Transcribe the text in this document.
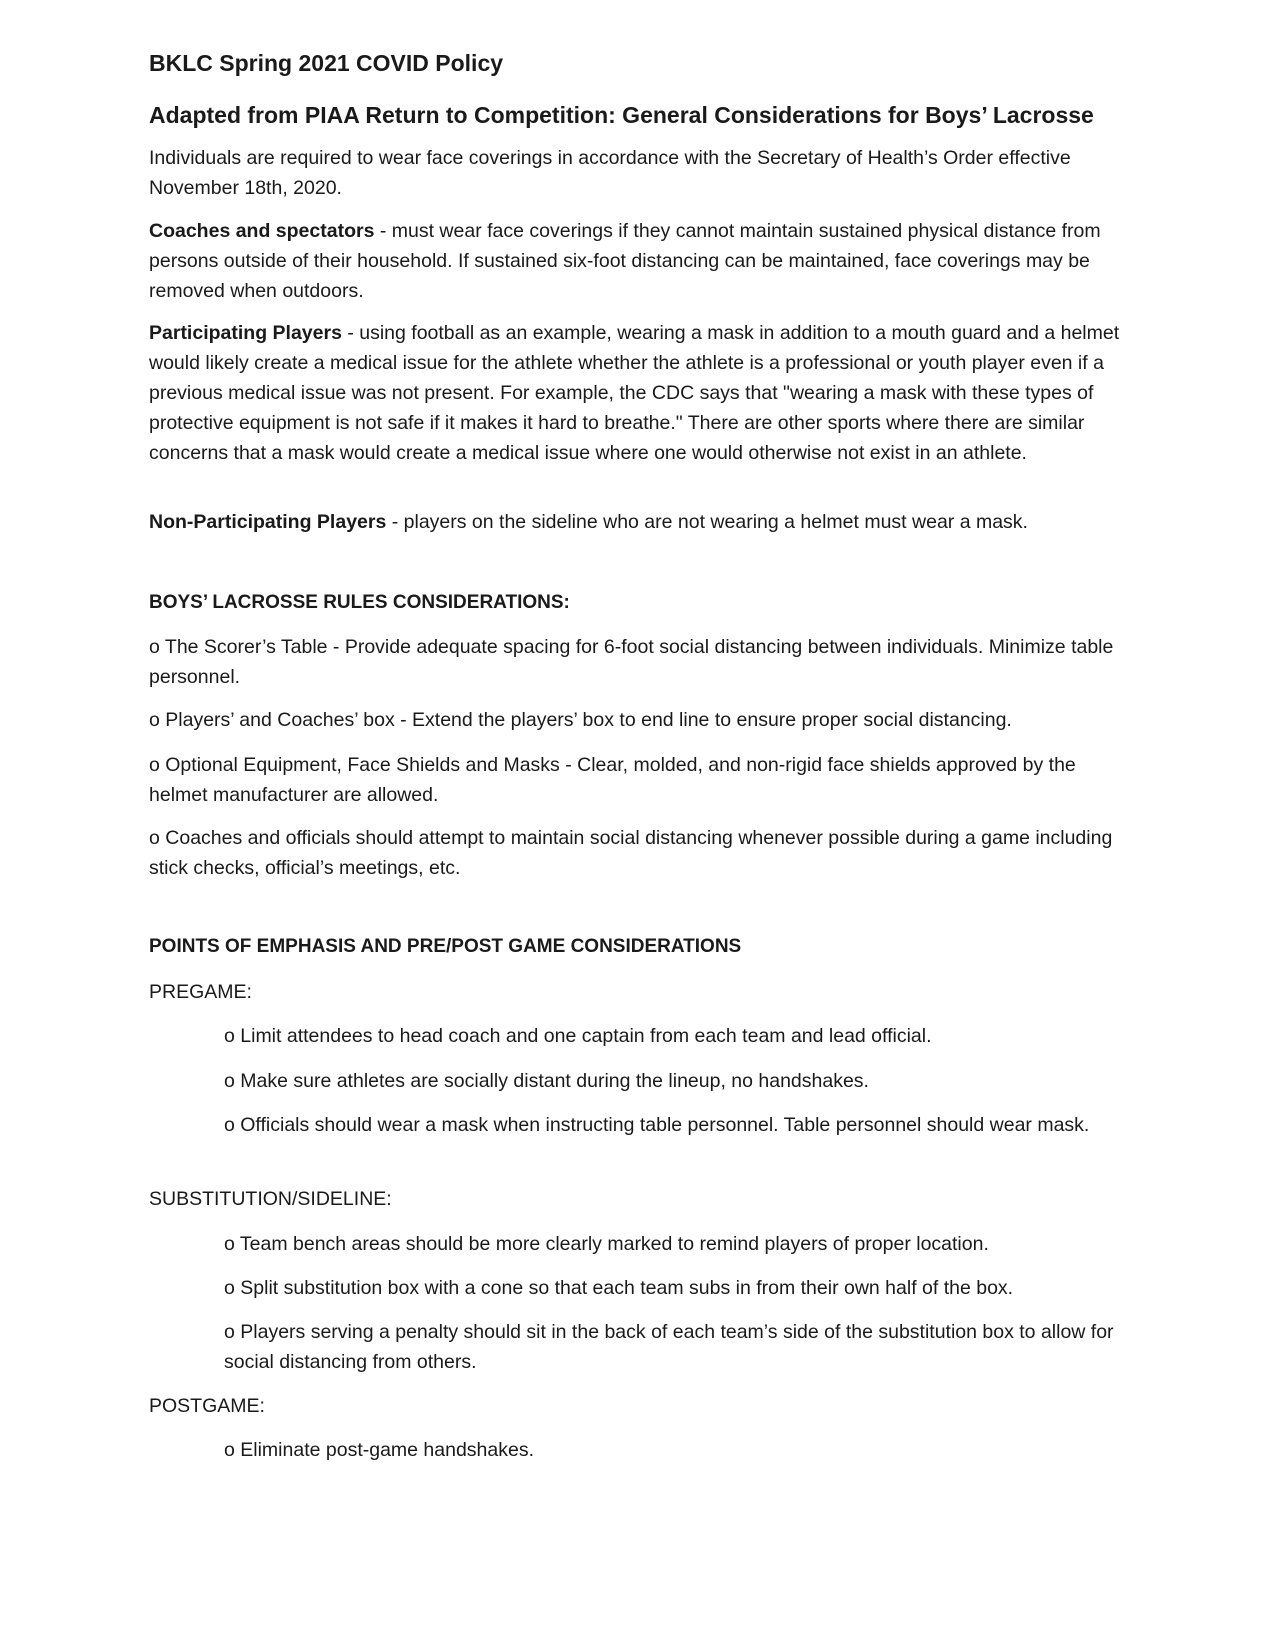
BKLC Spring 2021 COVID Policy
Adapted from PIAA Return to Competition: General Considerations for Boys’ Lacrosse
Individuals are required to wear face coverings in accordance with the Secretary of Health’s Order effective November 18th, 2020.
Coaches and spectators - must wear face coverings if they cannot maintain sustained physical distance from persons outside of their household. If sustained six-foot distancing can be maintained, face coverings may be removed when outdoors.
Participating Players - using football as an example, wearing a mask in addition to a mouth guard and a helmet would likely create a medical issue for the athlete whether the athlete is a professional or youth player even if a previous medical issue was not present. For example, the CDC says that "wearing a mask with these types of protective equipment is not safe if it makes it hard to breathe." There are other sports where there are similar concerns that a mask would create a medical issue where one would otherwise not exist in an athlete.
Non-Participating Players - players on the sideline who are not wearing a helmet must wear a mask.
BOYS’ LACROSSE RULES CONSIDERATIONS:
o The Scorer’s Table - Provide adequate spacing for 6-foot social distancing between individuals. Minimize table personnel.
o Players’ and Coaches’ box - Extend the players’ box to end line to ensure proper social distancing.
o Optional Equipment, Face Shields and Masks - Clear, molded, and non-rigid face shields approved by the helmet manufacturer are allowed.
o Coaches and officials should attempt to maintain social distancing whenever possible during a game including stick checks, official’s meetings, etc.
POINTS OF EMPHASIS AND PRE/POST GAME CONSIDERATIONS
PREGAME:
o Limit attendees to head coach and one captain from each team and lead official.
o Make sure athletes are socially distant during the lineup, no handshakes.
o Officials should wear a mask when instructing table personnel. Table personnel should wear mask.
SUBSTITUTION/SIDELINE:
o Team bench areas should be more clearly marked to remind players of proper location.
o Split substitution box with a cone so that each team subs in from their own half of the box.
o Players serving a penalty should sit in the back of each team’s side of the substitution box to allow for social distancing from others.
POSTGAME:
o Eliminate post-game handshakes.
